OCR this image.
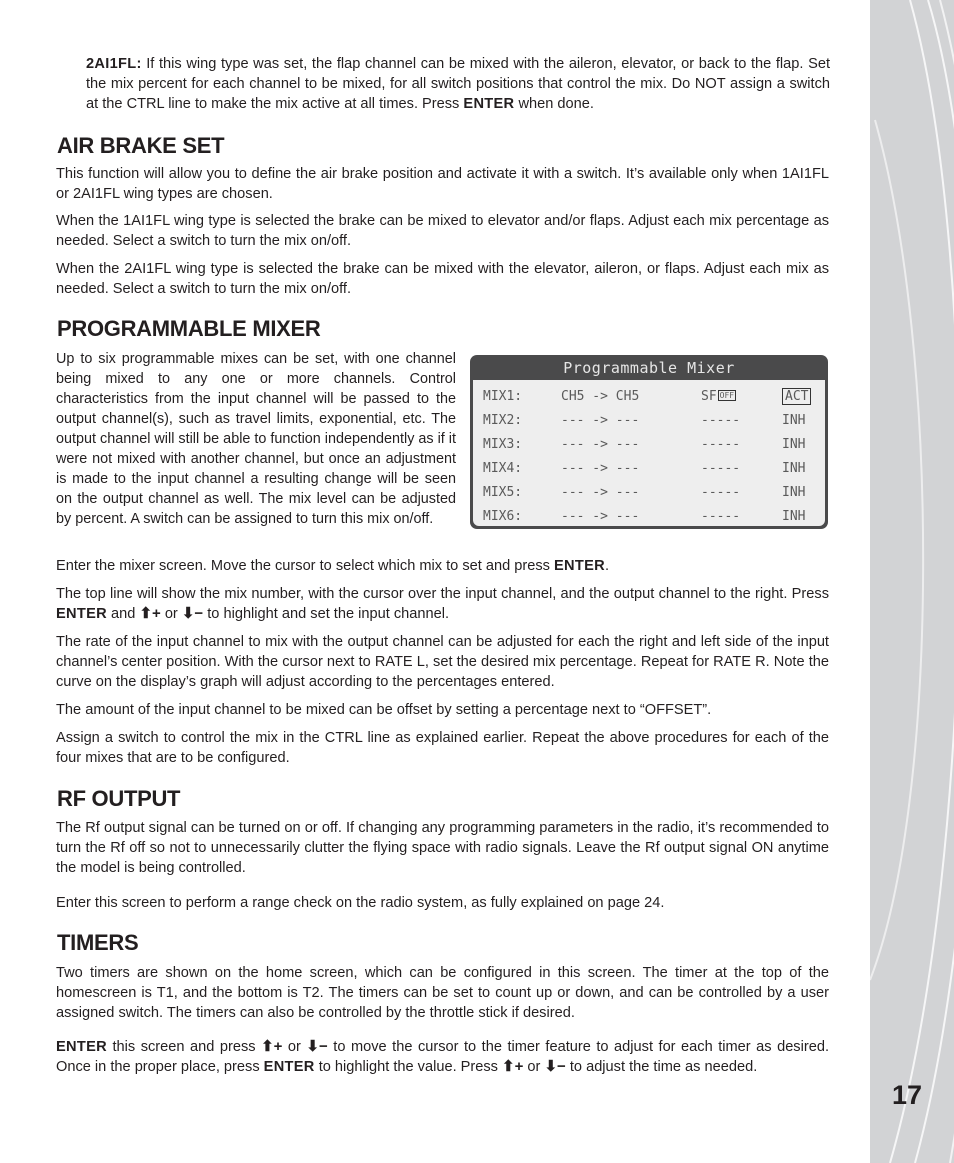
17
2AI1FL: If this wing type was set, the flap channel can be mixed with the aileron, elevator, or back to the flap. Set the mix percent for each channel to be mixed, for all switch positions that control the mix. Do NOT assign a switch at the CTRL line to make the mix active at all times. Press ENTER when done.
AIR BRAKE SET
This function will allow you to define the air brake position and activate it with a switch. It’s available only when 1AI1FL or 2AI1FL wing types are chosen.
When the 1AI1FL wing type is selected the brake can be mixed to elevator and/or flaps. Adjust each mix percentage as needed. Select a switch to turn the mix on/off.
When the 2AI1FL wing type is selected the brake can be mixed with the elevator, aileron, or flaps. Adjust each mix as needed. Select a switch to turn the mix on/off.
PROGRAMMABLE MIXER
Up to six programmable mixes can be set, with one channel being mixed to any one or more channels. Control characteristics from the input channel will be passed to the output channel(s), such as travel limits, exponential, etc. The output channel will still be able to function independently as if it were not mixed with another channel, but once an adjustment is made to the input channel a resulting change will be seen on the output channel as well. The mix level can be adjusted by percent. A switch can be assigned to turn this mix on/off.
Programmable Mixer
MIX1:	CH5 -> CH5	SF OFF	ACT
MIX2:	--- -> ---	-----	INH
MIX3:	--- -> ---	-----	INH
MIX4:	--- -> ---	-----	INH
MIX5:	--- -> ---	-----	INH
MIX6:	--- -> ---	-----	INH
Enter the mixer screen. Move the cursor to select which mix to set and press ENTER.
The top line will show the mix number, with the cursor over the input channel, and the output channel to the right. Press ENTER and ⬆+ or ⬇− to highlight and set the input channel.
The rate of the input channel to mix with the output channel can be adjusted for each the right and left side of the input channel’s center position. With the cursor next to RATE L, set the desired mix percentage. Repeat for RATE R. Note the curve on the display’s graph will adjust according to the percentages entered.
The amount of the input channel to be mixed can be offset by setting a percentage next to “OFFSET”.
Assign a switch to control the mix in the CTRL line as explained earlier. Repeat the above procedures for each of the four mixes that are to be configured.
RF OUTPUT
The Rf output signal can be turned on or off. If changing any programming parameters in the radio, it’s recommended to turn the Rf off so not to unnecessarily clutter the flying space with radio signals. Leave the Rf output signal ON anytime the model is being controlled.
Enter this screen to perform a range check on the radio system, as fully explained on page 24.
TIMERS
Two timers are shown on the home screen, which can be configured in this screen. The timer at the top of the homescreen is T1, and the bottom is T2. The timers can be set to count up or down, and can be controlled by a user assigned switch. The timers can also be controlled by the throttle stick if desired.
ENTER this screen and press ⬆+ or ⬇− to move the cursor to the timer feature to adjust for each timer as desired. Once in the proper place, press ENTER to highlight the value. Press ⬆+ or ⬇− to adjust the time as needed.
